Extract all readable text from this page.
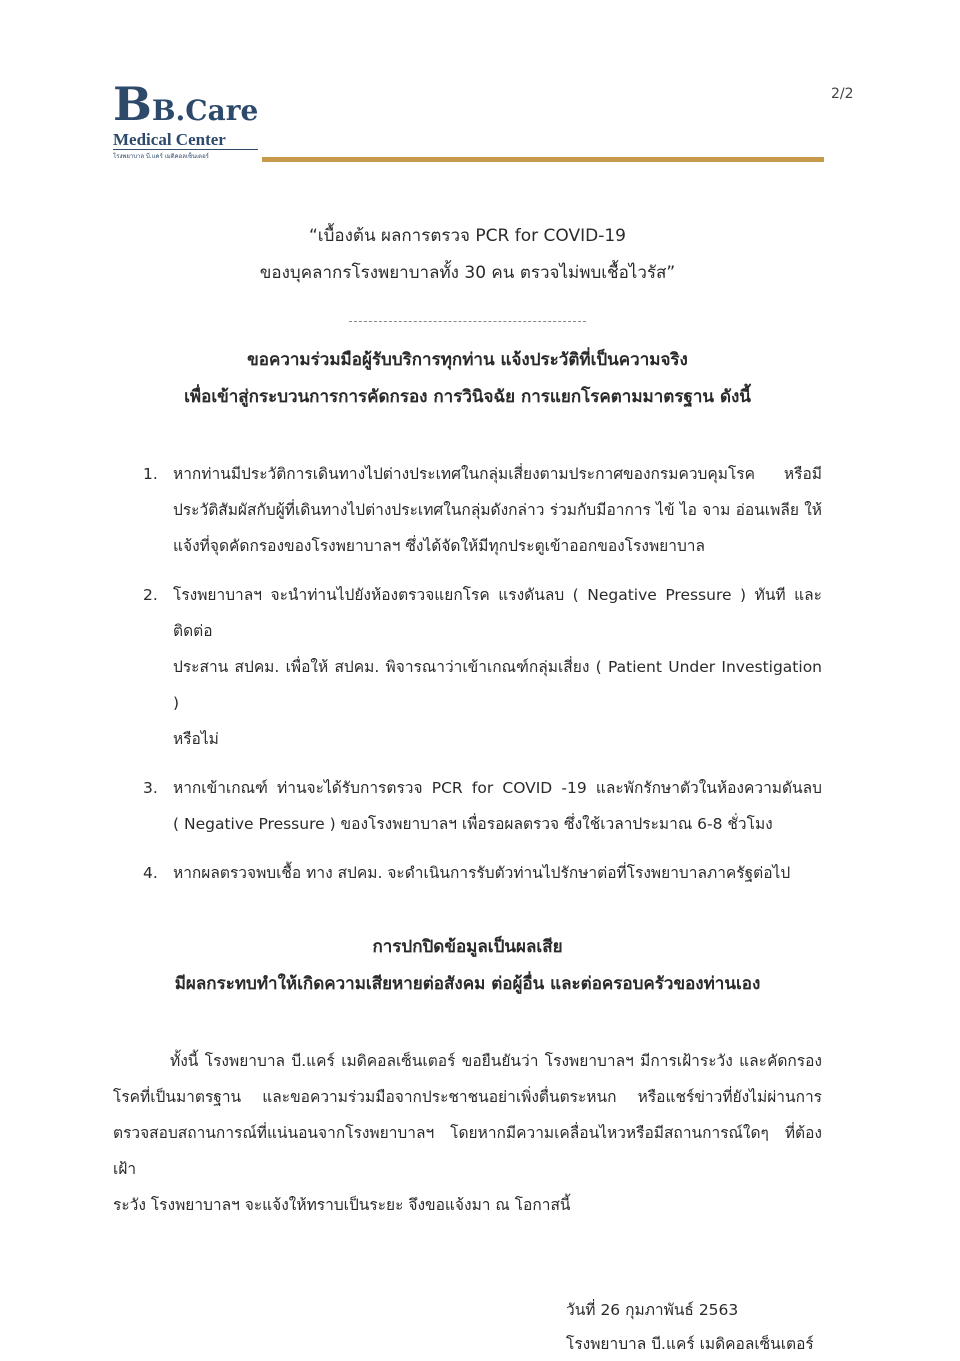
B B.Care
Medical Center
โรงพยาบาล บี.แคร์ เมดิคอลเซ็นเตอร์
2/2
“เบื้องต้น ผลการตรวจ PCR for COVID-19
ของบุคลากรโรงพยาบาลทั้ง 30 คน ตรวจไม่พบเชื้อไวรัส”
ขอความร่วมมือผู้รับบริการทุกท่าน แจ้งประวัติที่เป็นความจริง
เพื่อเข้าสู่กระบวนการการคัดกรอง การวินิจฉัย การแยกโรคตามมาตรฐาน ดังนี้
1. หากท่านมีประวัติการเดินทางไปต่างประเทศในกลุ่มเสี่ยงตามประกาศของกรมควบคุมโรค หรือมี
ประวัติสัมผัสกับผู้ที่เดินทางไปต่างประเทศในกลุ่มดังกล่าว ร่วมกับมีอาการ ไข้ ไอ จาม อ่อนเพลีย ให้
แจ้งที่จุดคัดกรองของโรงพยาบาลฯ ซึ่งได้จัดให้มีทุกประตูเข้าออกของโรงพยาบาล
2. โรงพยาบาลฯ จะนำท่านไปยังห้องตรวจแยกโรค แรงดันลบ ( Negative Pressure ) ทันที และติดต่อ
ประสาน สปคม. เพื่อให้ สปคม. พิจารณาว่าเข้าเกณฑ์กลุ่มเสี่ยง ( Patient Under Investigation )
หรือไม่
3. หากเข้าเกณฑ์ ท่านจะได้รับการตรวจ PCR for COVID -19 และพักรักษาตัวในห้องความดันลบ
( Negative Pressure ) ของโรงพยาบาลฯ เพื่อรอผลตรวจ ซึ่งใช้เวลาประมาณ 6-8 ชั่วโมง
4. หากผลตรวจพบเชื้อ ทาง สปคม. จะดำเนินการรับตัวท่านไปรักษาต่อที่โรงพยาบาลภาครัฐต่อไป
การปกปิดข้อมูลเป็นผลเสีย
มีผลกระทบทำให้เกิดความเสียหายต่อสังคม ต่อผู้อื่น และต่อครอบครัวของท่านเอง
ทั้งนี้ โรงพยาบาล บี.แคร์ เมดิคอลเซ็นเตอร์ ขอยืนยันว่า โรงพยาบาลฯ มีการเฝ้าระวัง และคัดกรอง
โรคที่เป็นมาตรฐาน และขอความร่วมมือจากประชาชนอย่าเพิ่งตื่นตระหนก หรือแชร์ข่าวที่ยังไม่ผ่านการ
ตรวจสอบสถานการณ์ที่แน่นอนจากโรงพยาบาลฯ โดยหากมีความเคลื่อนไหวหรือมีสถานการณ์ใดๆ ที่ต้องเฝ้า
ระวัง โรงพยาบาลฯ จะแจ้งให้ทราบเป็นระยะ จึงขอแจ้งมา ณ โอกาสนี้
วันที่ 26 กุมภาพันธ์ 2563
โรงพยาบาล บี.แคร์ เมดิคอลเซ็นเตอร์
